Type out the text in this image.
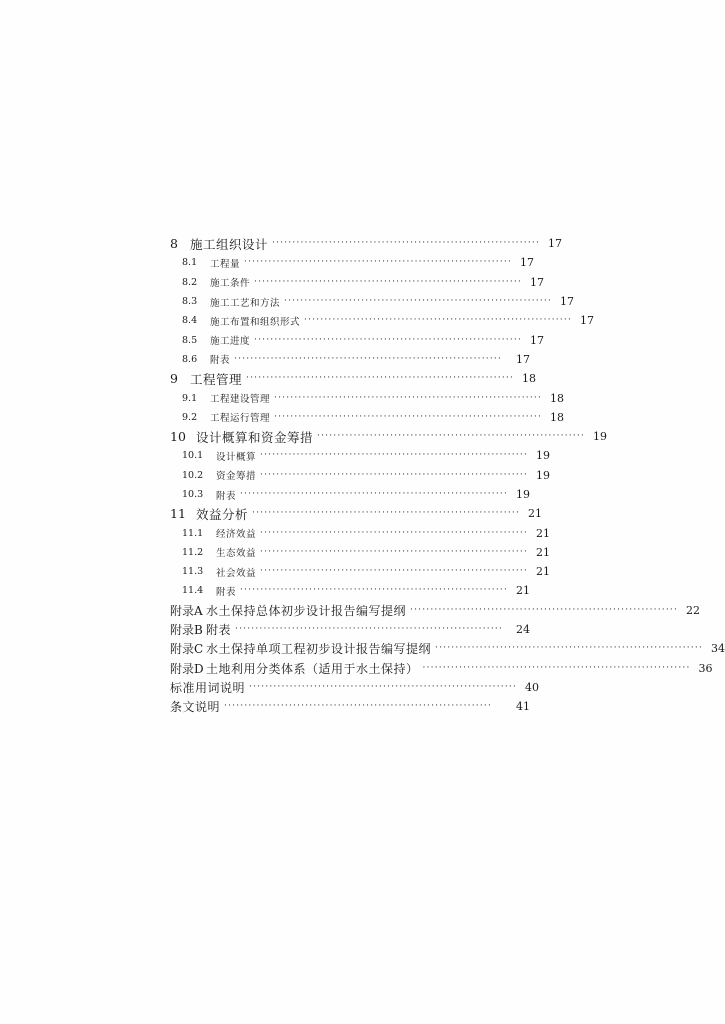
8 施工组织设计 ·································································· 17
8.1	工程量 ·································································· 17
8.2	施工条件 ·································································· 17
8.3	施工工艺和方法 ·································································· 17
8.4	施工布置和组织形式 ·································································· 17
8.5	施工进度 ·································································· 17
8.6	附表 ··································································	17
9 工程管理 ·································································· 18
9.1	工程建设管理 ·································································· 18
9.2	工程运行管理 ·································································· 18
10 设计概算和资金筹措 ·································································· 19
10.1	设计概算 ·································································· 19
10.2	资金筹措 ·································································· 19
10.3	附表 ·································································· 19
11 效益分析 ·································································· 21
11.1	经济效益 ·································································· 21
11.2	生态效益 ·································································· 21
11.3	社会效益 ·································································· 21
11.4	附表 ·································································· 21
附录A 水土保持总体初步设计报告编写提纲 ·································································· 22
附录B 附表 ··································································	24
附录C 水土保持单项工程初步设计报告编写提纲 ·································································· 34
附录D 土地利用分类体系（适用于水土保持） ·································································· 36
标准用词说明 ·································································· 40
条文说明 ··································································	41
